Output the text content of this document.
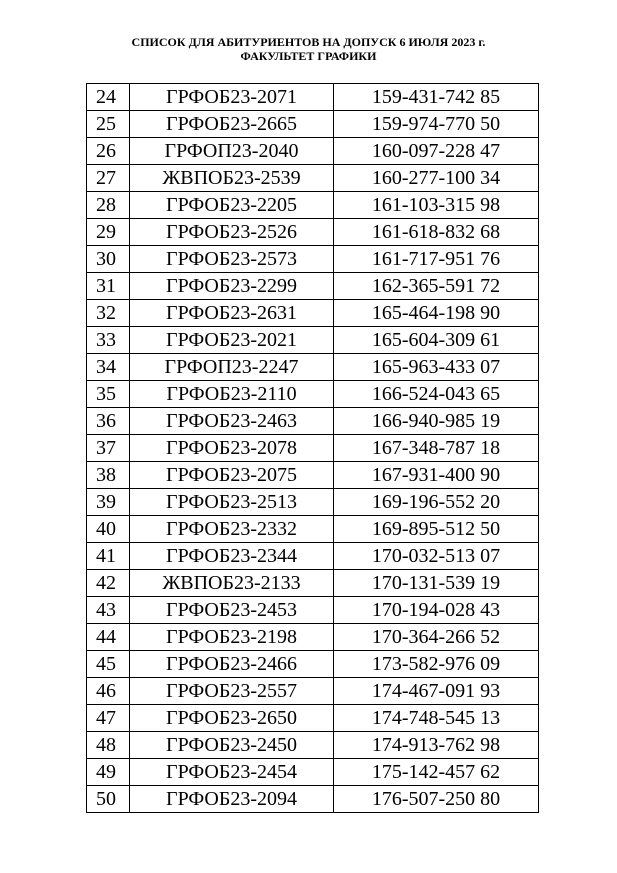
СПИСОК ДЛЯ АБИТУРИЕНТОВ НА ДОПУСК 6 ИЮЛЯ 2023 г.
ФАКУЛЬТЕТ ГРАФИКИ
24	ГРФОБ23-2071	159-431-742 85
25	ГРФОБ23-2665	159-974-770 50
26	ГРФОП23-2040	160-097-228 47
27	ЖВПОБ23-2539	160-277-100 34
28	ГРФОБ23-2205	161-103-315 98
29	ГРФОБ23-2526	161-618-832 68
30	ГРФОБ23-2573	161-717-951 76
31	ГРФОБ23-2299	162-365-591 72
32	ГРФОБ23-2631	165-464-198 90
33	ГРФОБ23-2021	165-604-309 61
34	ГРФОП23-2247	165-963-433 07
35	ГРФОБ23-2110	166-524-043 65
36	ГРФОБ23-2463	166-940-985 19
37	ГРФОБ23-2078	167-348-787 18
38	ГРФОБ23-2075	167-931-400 90
39	ГРФОБ23-2513	169-196-552 20
40	ГРФОБ23-2332	169-895-512 50
41	ГРФОБ23-2344	170-032-513 07
42	ЖВПОБ23-2133	170-131-539 19
43	ГРФОБ23-2453	170-194-028 43
44	ГРФОБ23-2198	170-364-266 52
45	ГРФОБ23-2466	173-582-976 09
46	ГРФОБ23-2557	174-467-091 93
47	ГРФОБ23-2650	174-748-545 13
48	ГРФОБ23-2450	174-913-762 98
49	ГРФОБ23-2454	175-142-457 62
50	ГРФОБ23-2094	176-507-250 80
